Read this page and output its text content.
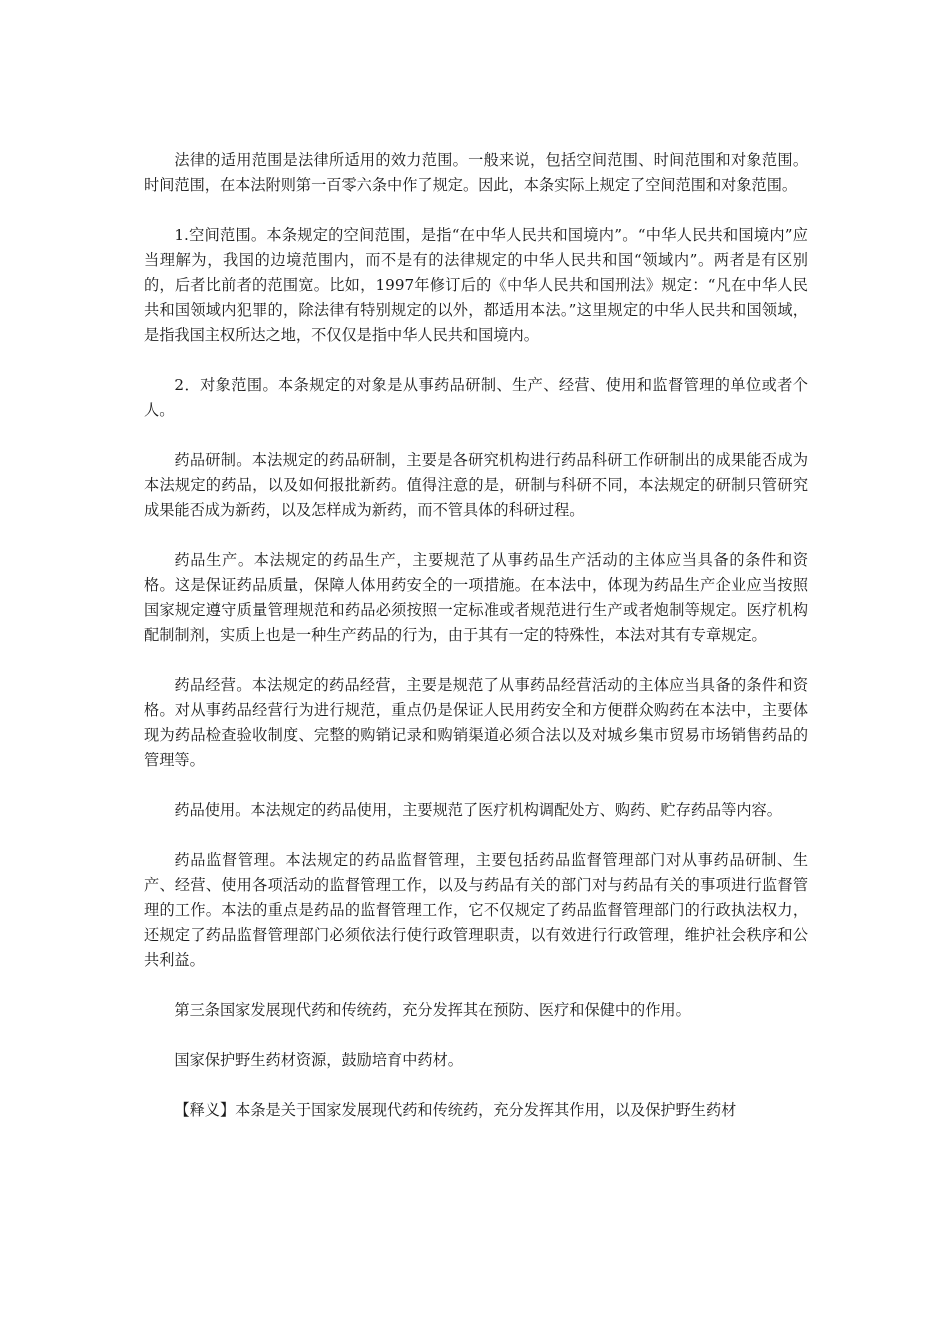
法律的适用范围是法律所适用的效力范围。一般来说，包括空间范围、时间范围和对象范围。时间范围，在本法附则第一百零六条中作了规定。因此，本条实际上规定了空间范围和对象范围。

1.空间范围。本条规定的空间范围，是指“在中华人民共和国境内”。“中华人民共和国境内”应当理解为，我国的边境范围内，而不是有的法律规定的中华人民共和国“领域内”。两者是有区别的，后者比前者的范围宽。比如，1997年修订后的《中华人民共和国刑法》规定：“凡在中华人民共和国领域内犯罪的，除法律有特别规定的以外，都适用本法。”这里规定的中华人民共和国领域，是指我国主权所达之地，不仅仅是指中华人民共和国境内。

2．对象范围。本条规定的对象是从事药品研制、生产、经营、使用和监督管理的单位或者个人。

药品研制。本法规定的药品研制，主要是各研究机构进行药品科研工作研制出的成果能否成为本法规定的药品，以及如何报批新药。值得注意的是，研制与科研不同，本法规定的研制只管研究成果能否成为新药，以及怎样成为新药，而不管具体的科研过程。

药品生产。本法规定的药品生产，主要规范了从事药品生产活动的主体应当具备的条件和资格。这是保证药品质量，保障人体用药安全的一项措施。在本法中，体现为药品生产企业应当按照国家规定遵守质量管理规范和药品必须按照一定标准或者规范进行生产或者炮制等规定。医疗机构配制制剂，实质上也是一种生产药品的行为，由于其有一定的特殊性，本法对其有专章规定。

药品经营。本法规定的药品经营，主要是规范了从事药品经营活动的主体应当具备的条件和资格。对从事药品经营行为进行规范，重点仍是保证人民用药安全和方便群众购药在本法中，主要体现为药品检查验收制度、完整的购销记录和购销渠道必须合法以及对城乡集市贸易市场销售药品的管理等。

药品使用。本法规定的药品使用，主要规范了医疗机构调配处方、购药、贮存药品等内容。

药品监督管理。本法规定的药品监督管理，主要包括药品监督管理部门对从事药品研制、生产、经营、使用各项活动的监督管理工作，以及与药品有关的部门对与药品有关的事项进行监督管理的工作。本法的重点是药品的监督管理工作，它不仅规定了药品监督管理部门的行政执法权力，还规定了药品监督管理部门必须依法行使行政管理职责，以有效进行行政管理，维护社会秩序和公共利益。

第三条国家发展现代药和传统药，充分发挥其在预防、医疗和保健中的作用。

国家保护野生药材资源，鼓励培育中药材。

【释义】本条是关于国家发展现代药和传统药，充分发挥其作用，以及保护野生药材
